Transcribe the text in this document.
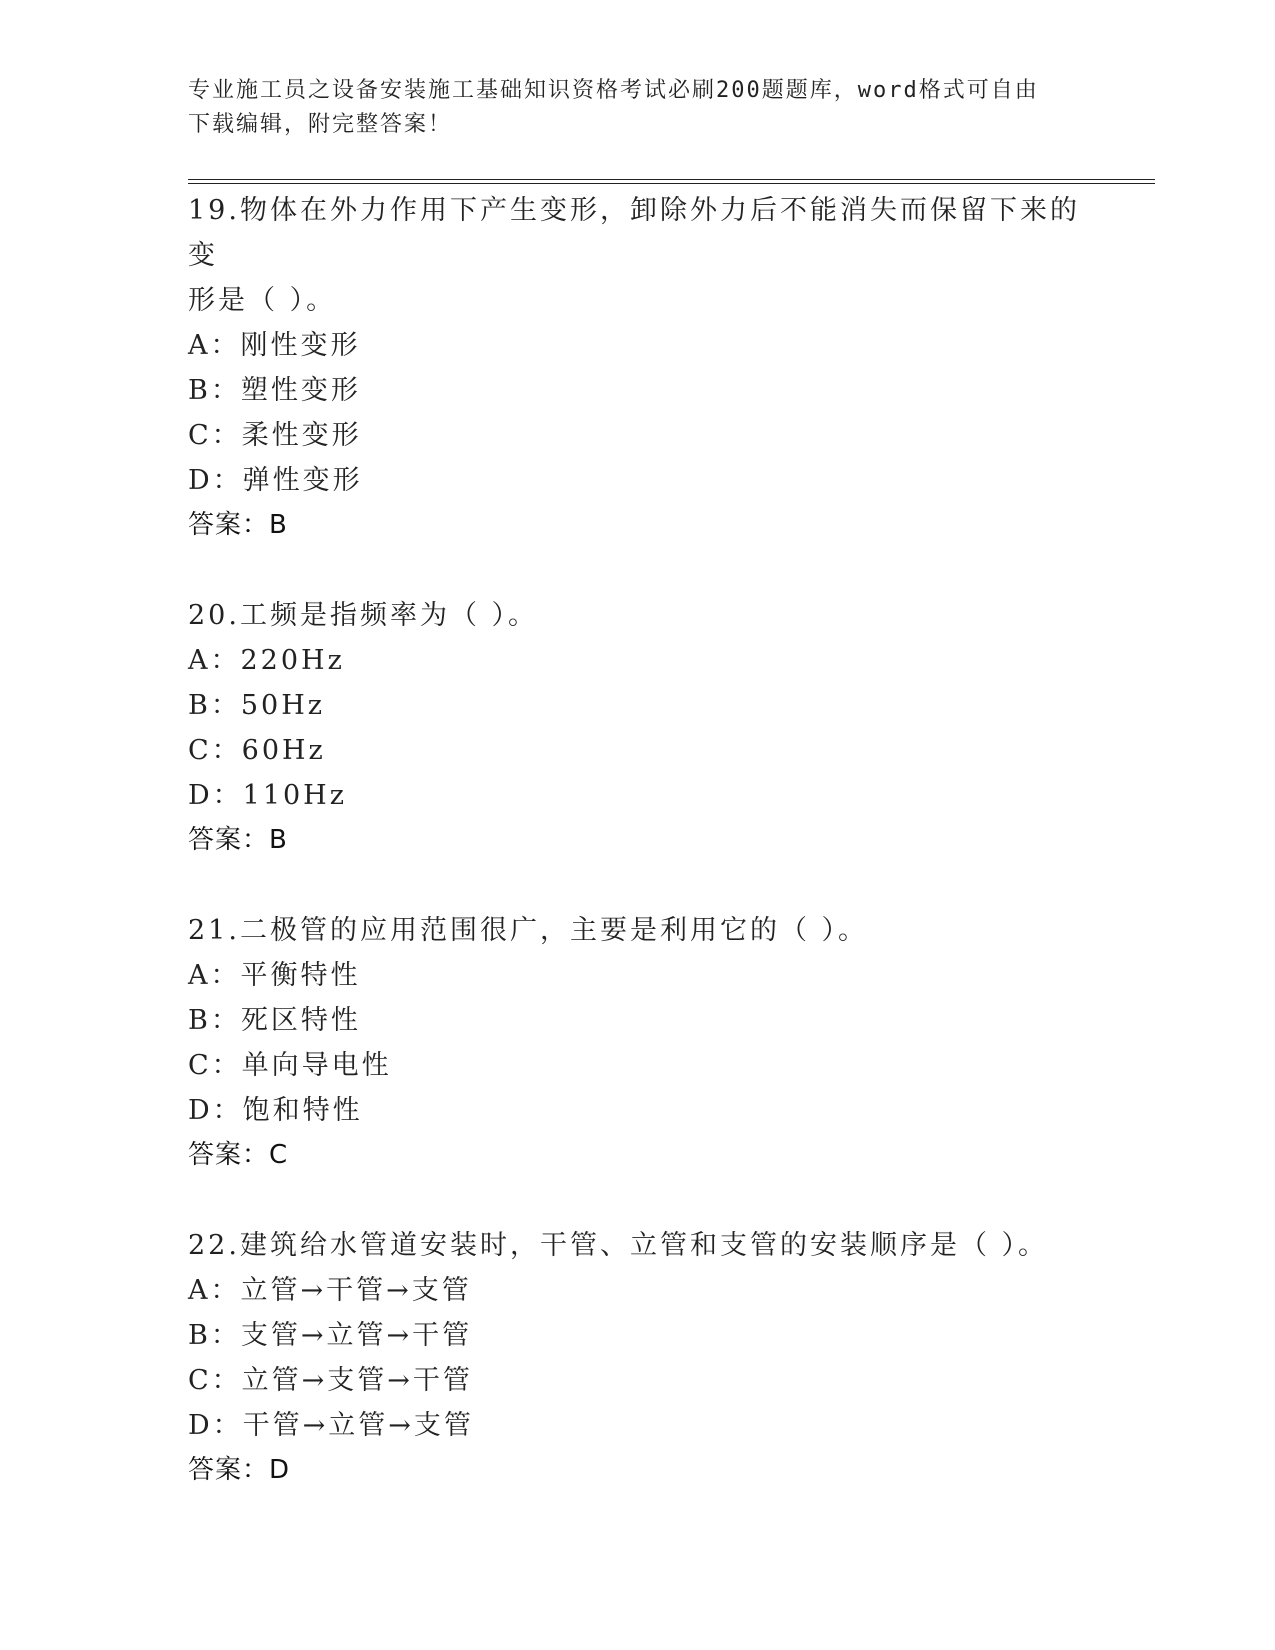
专业施工员之设备安装施工基础知识资格考试必刷200题题库，word格式可自由
下载编辑，附完整答案！

19.物体在外力作用下产生变形，卸除外力后不能消失而保留下来的变

形是（ ）。

A：刚性变形

B：塑性变形

C：柔性变形

D：弹性变形

答案：B

20.工频是指频率为（ ）。

A：220Hz

B：50Hz

C：60Hz

D：110Hz

答案：B

21.二极管的应用范围很广，主要是利用它的（ ）。

A：平衡特性

B：死区特性

C：单向导电性

D：饱和特性

答案：C

22.建筑给水管道安装时，干管、立管和支管的安装顺序是（ ）。

A：立管→干管→支管

B：支管→立管→干管

C：立管→支管→干管

D：干管→立管→支管

答案：D
